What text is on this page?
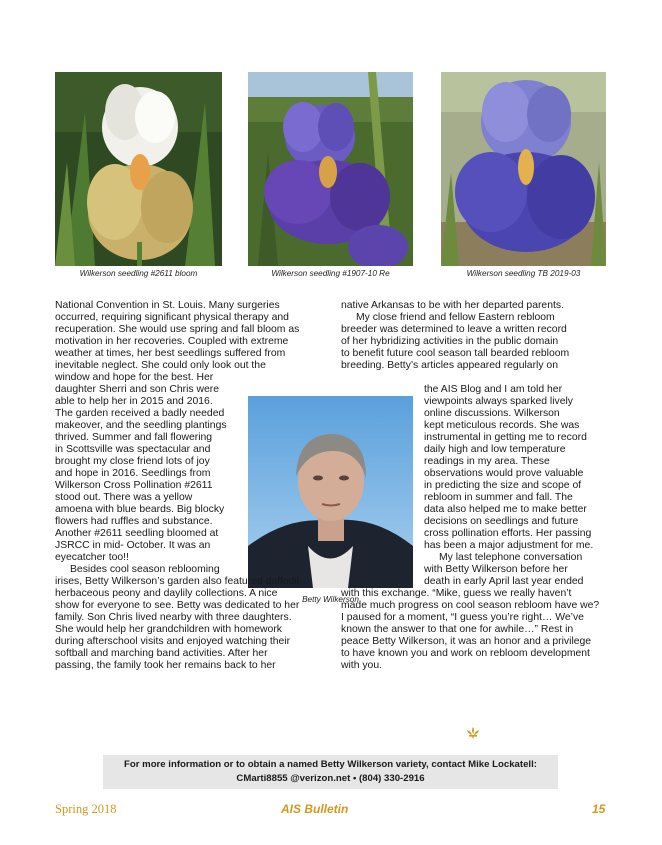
Wilkerson seedling #2611 bloom	Wilkerson seedling #1907-10 Re	Wilkerson seedling TB 2019-03
Betty Wilkerson
National Convention in St. Louis. Many surgeries
occurred, requiring significant physical therapy and
recuperation. She would use spring and fall bloom as
motivation in her recoveries. Coupled with extreme
weather at times, her best seedlings suffered from
inevitable neglect. She could only look out the
window and hope for the best. Her
daughter Sherri and son Chris were
able to help her in 2015 and 2016.
The garden received a badly needed
makeover, and the seedling plantings
thrived. Summer and fall flowering
in Scottsville was spectacular and
brought my close friend lots of joy
and hope in 2016. Seedlings from
Wilkerson Cross Pollination #2611
stood out. There was a yellow
amoena with blue beards. Big blocky
flowers had ruffles and substance.
Another #2611 seedling bloomed at
JSRCC in mid- October. It was an
eyecatcher too!!
Besides cool season reblooming
irises, Betty Wilkerson’s garden also featured daffodil,
herbaceous peony and daylily collections. A nice
show for everyone to see. Betty was dedicated to her
family. Son Chris lived nearby with three daughters.
She would help her grandchildren with homework
during afterschool visits and enjoyed watching their
softball and marching band activities. After her
passing, the family took her remains back to her
native Arkansas to be with her departed parents.
My close friend and fellow Eastern rebloom
breeder was determined to leave a written record
of her hybridizing activities in the public domain
to benefit future cool season tall bearded rebloom
breeding. Betty’s articles appeared regularly on
the AIS Blog and I am told her
viewpoints always sparked lively
online discussions. Wilkerson
kept meticulous records. She was
instrumental in getting me to record
daily high and low temperature
readings in my area. These
observations would prove valuable
in predicting the size and scope of
rebloom in summer and fall. The
data also helped me to make better
decisions on seedlings and future
cross pollination efforts. Her passing
has been a major adjustment for me.
My last telephone conversation
with Betty Wilkerson before her
death in early April last year ended
with this exchange. “Mike, guess we really haven’t
made much progress on cool season rebloom have we?
I paused for a moment, “I guess you’re right… We’ve
known the answer to that one for awhile…” Rest in
peace Betty Wilkerson, it was an honor and a privilege
to have known you and work on rebloom development
with you.
For more information or to obtain a named Betty Wilkerson variety, contact Mike Lockatell:
CMarti8855 @verizon.net • (804) 330-2916
Spring 2018	AIS Bulletin	15
